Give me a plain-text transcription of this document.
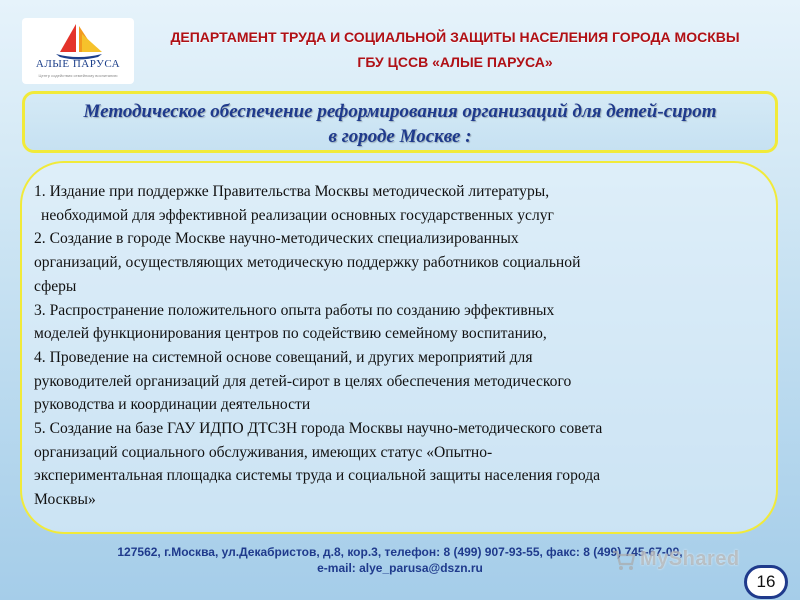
АЛЫЕ ПАРУСА
Центр содействия семейному воспитанию
ДЕПАРТАМЕНТ ТРУДА И СОЦИАЛЬНОЙ ЗАЩИТЫ НАСЕЛЕНИЯ ГОРОДА МОСКВЫ
ГБУ ЦССВ «АЛЫЕ ПАРУСА»
Методическое обеспечение реформирования организаций для детей-сирот
в городе Москве :

1. Издание при поддержке Правительства Москвы методической литературы,

необходимой для эффективной реализации основных государственных услуг

2. Создание в городе Москве научно-методических специализированных

организаций, осуществляющих методическую поддержку работников социальной

сферы

3. Распространение положительного опыта работы по созданию эффективных

моделей функционирования центров по содействию семейному воспитанию,

4. Проведение на системной основе совещаний, и других мероприятий для

руководителей организаций для детей-сирот в целях обеспечения методического

руководства и координации деятельности

5. Создание на базе ГАУ ИДПО ДТСЗН города Москвы научно-методического совета

организаций социального обслуживания, имеющих статус «Опытно-

экспериментальная площадка системы труда и социальной защиты населения города

Москвы»

127562, г.Москва, ул.Декабристов, д.8, кор.3, телефон: 8 (499) 907-93-55, факс: 8 (499) 745-67-09,
e-mail: alye_parusa@dszn.ru	MyShared
16
